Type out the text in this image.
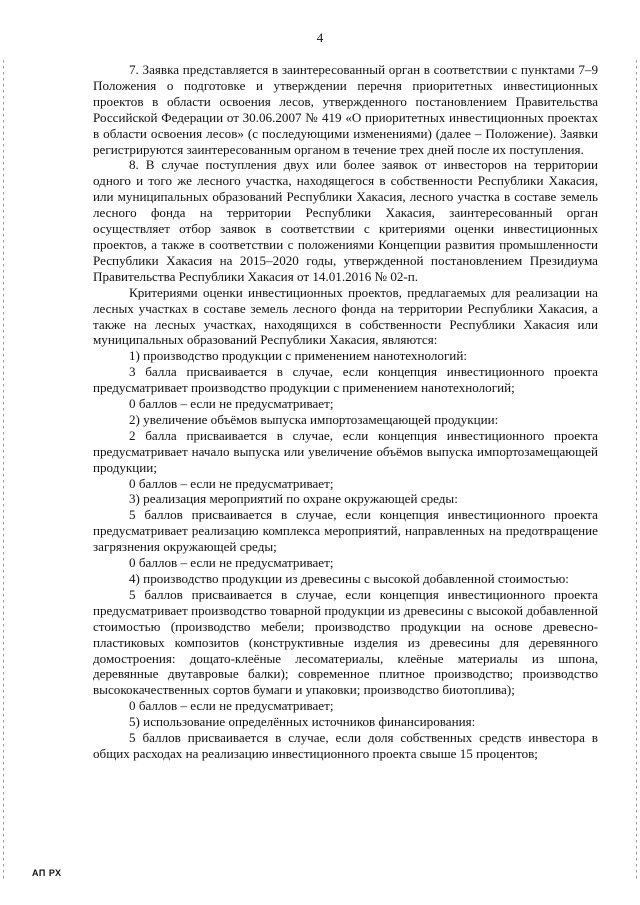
4

7. Заявка представляется в заинтересованный орган в соответствии с пунктами 7–9 Положения о подготовке и утверждении перечня приоритетных инвестиционных проектов в области освоения лесов, утвержденного постановлением Правительства Российской Федерации от 30.06.2007 № 419 «О приоритетных инвестиционных проектах в области освоения лесов» (с последующими изменениями) (далее – Положение). Заявки регистрируются заинтересованным органом в течение трех дней после их поступления.

8. В случае поступления двух или более заявок от инвесторов на территории одного и того же лесного участка, находящегося в собственности Республики Хакасия, или муниципальных образований Республики Хакасия, лесного участка в составе земель лесного фонда на территории Республики Хакасия, заинтересованный орган осуществляет отбор заявок в соответствии с критериями оценки инвестиционных проектов, а также в соответствии с положениями Концепции развития промышленности Республики Хакасия на 2015–2020 годы, утвержденной постановлением Президиума Правительства Республики Хакасия от 14.01.2016 № 02-п.

Критериями оценки инвестиционных проектов, предлагаемых для реализации на лесных участках в составе земель лесного фонда на территории Республики Хакасия, а также на лесных участках, находящихся в собственности Республики Хакасия или муниципальных образований Республики Хакасия, являются:

1) производство продукции с применением нанотехнологий:

3 балла присваивается в случае, если концепция инвестиционного проекта предусматривает производство продукции с применением нанотехнологий;

0 баллов – если не предусматривает;

2) увеличение объёмов выпуска импортозамещающей продукции:

2 балла присваивается в случае, если концепция инвестиционного проекта предусматривает начало выпуска или увеличение объёмов выпуска импортозамещающей продукции;

0 баллов – если не предусматривает;

3) реализация мероприятий по охране окружающей среды:

5 баллов присваивается в случае, если концепция инвестиционного проекта предусматривает реализацию комплекса мероприятий, направленных на предотвращение загрязнения окружающей среды;

0 баллов – если не предусматривает;

4) производство продукции из древесины с высокой добавленной стоимостью:

5 баллов присваивается в случае, если концепция инвестиционного проекта предусматривает производство товарной продукции из древесины с высокой добавленной стоимостью (производство мебели; производство продукции на основе древесно-пластиковых композитов (конструктивные изделия из древесины для деревянного домостроения: дощато-клеёные лесоматериалы, клеёные материалы из шпона, деревянные двутавровые балки); современное плитное производство; производство высококачественных сортов бумаги и упаковки; производство биотоплива);

0 баллов – если не предусматривает;

5) использование определённых источников финансирования:

5 баллов присваивается в случае, если доля собственных средств инвестора в общих расходах на реализацию инвестиционного проекта свыше 15 процентов;

АП РХ
